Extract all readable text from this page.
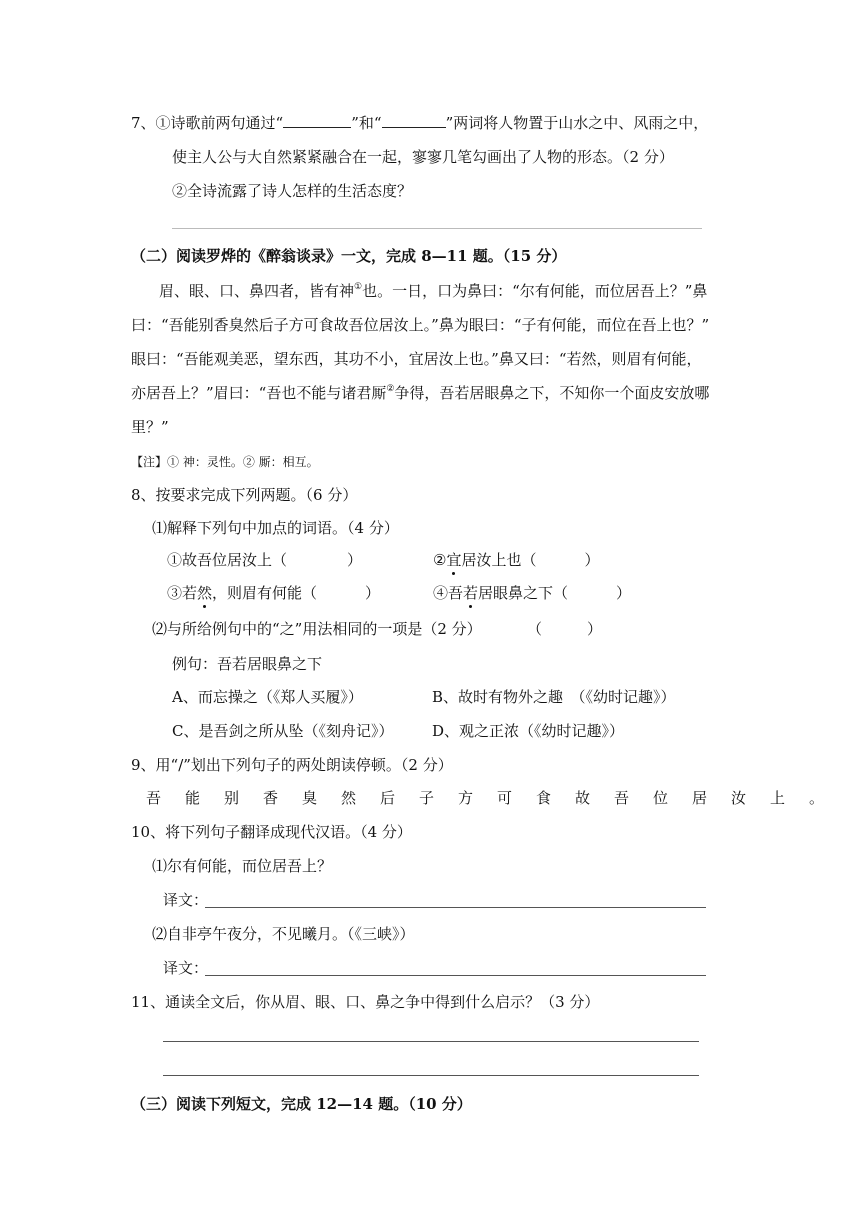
7、①诗歌前两句通过“	”和“	”两词将人物置于山水之中、风雨之中，
使主人公与大自然紧紧融合在一起，寥寥几笔勾画出了人物的形态。（2 分）
②全诗流露了诗人怎样的生活态度？
（二）阅读罗烨的《醉翁谈录》一文，完成 8—11 题。（15 分）
眉、眼、口、鼻四者，皆有神①也。一日，口为鼻曰：“尔有何能，而位居吾上？”鼻
曰：“吾能别香臭然后子方可食故吾位居汝上。”鼻为眼曰：“子有何能，而位在吾上也？”
眼曰：“吾能观美恶，望东西，其功不小，宜居汝上也。”鼻又曰：“若然，则眉有何能，
亦居吾上？”眉曰：“吾也不能与诸君厮②争得，吾若居眼鼻之下，不知你一个面皮安放哪
里？”
【注】① 神：灵性。② 厮：相互。
8、按要求完成下列两题。（6 分）
⑴解释下列句中加点的词语。（4 分）
①故吾位居汝上（	）	②宜居汝上也（	）
③若然，则眉有何能（	）	④吾若居眼鼻之下（	）
⑵与所给例句中的“之”用法相同的一项是（2 分）	（　　　）
例句：吾若居眼鼻之下
A、而忘操之（《郑人买履》）	B、故时有物外之趣　（《幼时记趣》）
C、是吾剑之所从坠（《刻舟记》）	D、观之正浓（《幼时记趣》）
9、用“/”划出下列句子的两处朗读停顿。（2 分）
吾 能 别 香 臭 然 后 子 方 可 食 故 吾 位 居 汝 上 。
10、将下列句子翻译成现代汉语。（4 分）
⑴尔有何能，而位居吾上？
译文：
⑵自非亭午夜分，不见曦月。（《三峡》）
译文：
11、通读全文后，你从眉、眼、口、鼻之争中得到什么启示？（3 分）
（三）阅读下列短文，完成 12—14 题。（10 分）
